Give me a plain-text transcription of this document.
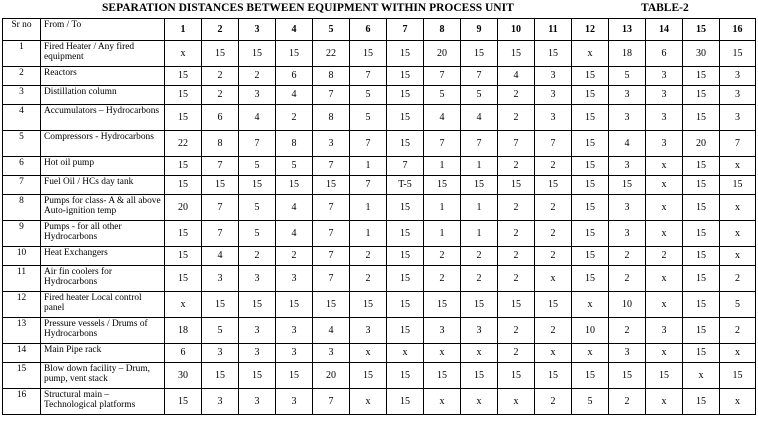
SEPARATION DISTANCES BETWEEN EQUIPMENT WITHIN PROCESS UNIT	TABLE-2
Sr no	From / To	1	2	3	4	5	6	7	8	9	10	11	12	13	14	15	16
1	Fired Heater / Any fired equipment	x	15	15	15	22	15	15	20	15	15	15	x	18	6	30	15
2	Reactors	15	2	2	6	8	7	15	7	7	4	3	15	5	3	15	3
3	Distillation column	15	2	3	4	7	5	15	5	5	2	3	15	3	3	15	3
4	Accumulators – Hydrocarbons	15	6	4	2	8	5	15	4	4	2	3	15	3	3	15	3
5	Compressors - Hydrocarbons	22	8	7	8	3	7	15	7	7	7	7	15	4	3	20	7
6	Hot oil pump	15	7	5	5	7	1	7	1	1	2	2	15	3	x	15	x
7	Fuel Oil / HCs day tank	15	15	15	15	15	7	T-5	15	15	15	15	15	15	x	15	15
8	Pumps for class- A & all above Auto-ignition temp	20	7	5	4	7	1	15	1	1	2	2	15	3	x	15	x
9	Pumps - for all other Hydrocarbons	15	7	5	4	7	1	15	1	1	2	2	15	3	x	15	x
10	Heat Exchangers	15	4	2	2	7	2	15	2	2	2	2	15	2	2	15	x
11	Air fin coolers for Hydrocarbons	15	3	3	3	7	2	15	2	2	2	x	15	2	x	15	2
12	Fired heater Local control panel	x	15	15	15	15	15	15	15	15	15	15	x	10	x	15	5
13	Pressure vessels / Drums of Hydrocarbons	18	5	3	3	4	3	15	3	3	2	2	10	2	3	15	2
14	Main Pipe rack	6	3	3	3	3	x	x	x	x	2	x	x	3	x	15	x
15	Blow down facility – Drum, pump, vent stack	30	15	15	15	20	15	15	15	15	15	15	15	15	15	x	15
16	Structural main – Technological platforms	15	3	3	3	7	x	15	x	x	x	2	5	2	x	15	x
